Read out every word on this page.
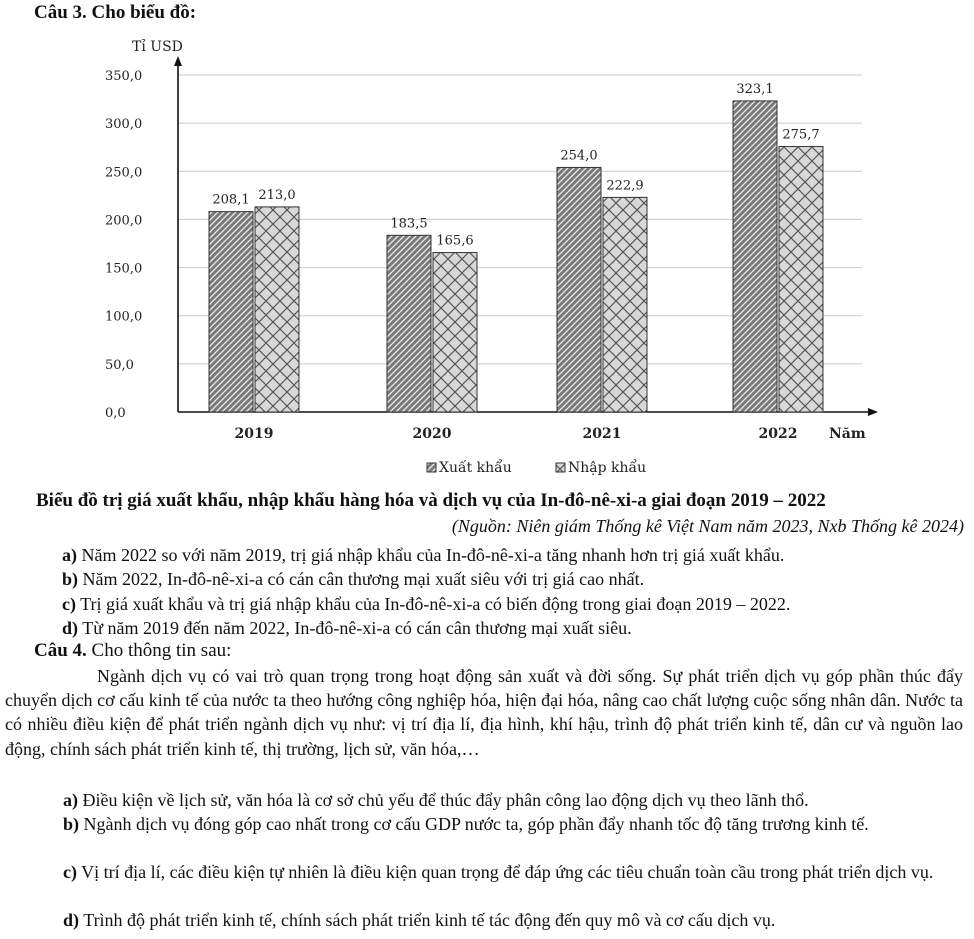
Câu 3. Cho biểu đồ:
0,0
50,0
100,0
150,0
200,0
250,0
300,0
350,0
Tỉ USD
Năm
208,1 213,0
2019
183,5
165,6
2020
254,0
222,9
2021
323,1
275,7
2022
Xuất khẩu	Nhập khẩu
Biểu đồ trị giá xuất khẩu, nhập khẩu hàng hóa và dịch vụ của In-đô-nê-xi-a giai đoạn 2019 – 2022
(Nguồn: Niên giám Thống kê Việt Nam năm 2023, Nxb Thống kê 2024)
a) Năm 2022 so với năm 2019, trị giá nhập khẩu của In-đô-nê-xi-a tăng nhanh hơn trị giá xuất khẩu.
b) Năm 2022, In-đô-nê-xi-a có cán cân thương mại xuất siêu với trị giá cao nhất.
c) Trị giá xuất khẩu và trị giá nhập khẩu của In-đô-nê-xi-a có biến động trong giai đoạn 2019 – 2022.
d) Từ năm 2019 đến năm 2022, In-đô-nê-xi-a có cán cân thương mại xuất siêu.
Câu 4. Cho thông tin sau:
Ngành dịch vụ có vai trò quan trọng trong hoạt động sản xuất và đời sống. Sự phát triển dịch vụ góp phần thúc đẩy chuyển dịch cơ cấu kinh tế của nước ta theo hướng công nghiệp hóa, hiện đại hóa, nâng cao chất lượng cuộc sống nhân dân. Nước ta có nhiều điều kiện để phát triển ngành dịch vụ như: vị trí địa lí, địa hình, khí hậu, trình độ phát triển kinh tế, dân cư và nguồn lao động, chính sách phát triển kinh tế, thị trường, lịch sử, văn hóa,…
a) Điều kiện về lịch sử, văn hóa là cơ sở chủ yếu để thúc đẩy phân công lao động dịch vụ theo lãnh thổ.
b) Ngành dịch vụ đóng góp cao nhất trong cơ cấu GDP nước ta, góp phần đẩy nhanh tốc độ tăng trương kinh tế.
c) Vị trí địa lí, các điều kiện tự nhiên là điều kiện quan trọng để đáp ứng các tiêu chuẩn toàn cầu trong phát triển dịch vụ.
d) Trình độ phát triển kinh tế, chính sách phát triển kinh tế tác động đến quy mô và cơ cấu dịch vụ.
